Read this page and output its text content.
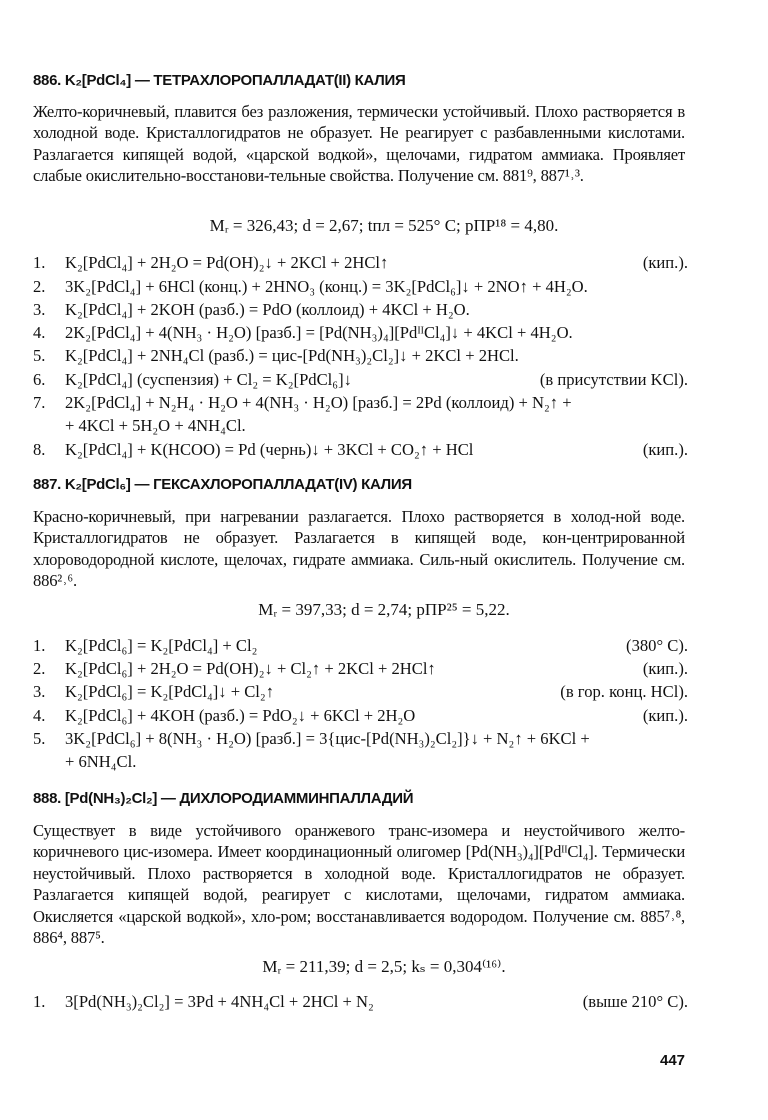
886. K₂[PdCl₄] — ТЕТРАХЛОРОПАЛЛАДАТ(II) КАЛИЯ
Желто-коричневый, плавится без разложения, термически устойчивый. Плохо растворяется в холодной воде. Кристаллогидратов не образует. Не реагирует с разбавленными кислотами. Разлагается кипящей водой, «царской водкой», щелочами, гидратом аммиака. Проявляет слабые окислительно-восстанови-тельные свойства. Получение см. 881⁹, 887¹˒³.
Mᵣ = 326,43; d = 2,67; tпл = 525° C; pПР¹⁸ = 4,80.
1. K₂[PdCl₄] + 2H₂O = Pd(OH)₂↓ + 2KCl + 2HCl↑	(кип.).
2. 3K₂[PdCl₄] + 6HCl (конц.) + 2HNO₃ (конц.) = 3K₂[PdCl₆]↓ + 2NO↑ + 4H₂O.
3. K₂[PdCl₄] + 2KOH (разб.) = PdO (коллоид) + 4KCl + H₂O.
4. 2K₂[PdCl₄] + 4(NH₃ · H₂O) [разб.] = [Pd(NH₃)₄][PdᴵᴵCl₄]↓ + 4KCl + 4H₂O.
5. K₂[PdCl₄] + 2NH₄Cl (разб.) = цис-[Pd(NH₃)₂Cl₂]↓ + 2KCl + 2HCl.
6. K₂[PdCl₄] (суспензия) + Cl₂ = K₂[PdCl₆]↓	(в присутствии KCl).
7. 2K₂[PdCl₄] + N₂H₄ · H₂O + 4(NH₃ · H₂O) [разб.] = 2Pd (коллоид) + N₂↑ +
+ 4KCl + 5H₂O + 4NH₄Cl.
8. K₂[PdCl₄] + K(HCOO) = Pd (чернь)↓ + 3KCl + CO₂↑ + HCl	(кип.).
887. K₂[PdCl₆] — ГЕКСАХЛОРОПАЛЛАДАТ(IV) КАЛИЯ
Красно-коричневый, при нагревании разлагается. Плохо растворяется в холод-ной воде. Кристаллогидратов не образует. Разлагается в кипящей воде, кон-центрированной хлороводородной кислоте, щелочах, гидрате аммиака. Силь-ный окислитель. Получение см. 886²˒⁶.
Mᵣ = 397,33; d = 2,74; pПР²⁵ = 5,22.
1. K₂[PdCl₆] = K₂[PdCl₄] + Cl₂	(380° C).
2. K₂[PdCl₆] + 2H₂O = Pd(OH)₂↓ + Cl₂↑ + 2KCl + 2HCl↑	(кип.).
3. K₂[PdCl₆] = K₂[PdCl₄]↓ + Cl₂↑	(в гор. конц. HCl).
4. K₂[PdCl₆] + 4KOH (разб.) = PdO₂↓ + 6KCl + 2H₂O	(кип.).
5. 3K₂[PdCl₆] + 8(NH₃ · H₂O) [разб.] = 3{цис-[Pd(NH₃)₂Cl₂]}↓ + N₂↑ + 6KCl +
+ 6NH₄Cl.
888. [Pd(NH₃)₂Cl₂] — ДИХЛОРОДИАММИНПАЛЛАДИЙ
Существует в виде устойчивого оранжевого транс-изомера и неустойчивого желто-коричневого цис-изомера. Имеет координационный олигомер [Pd(NH₃)₄][PdᴵᴵCl₄]. Термически неустойчивый. Плохо растворяется в холодной воде. Кристаллогидратов не образует. Разлагается кипящей водой, реагирует с кислотами, щелочами, гидратом аммиака. Окисляется «царской водкой», хло-ром; восстанавливается водородом. Получение см. 885⁷˒⁸, 886⁴, 887⁵.
Mᵣ = 211,39; d = 2,5; kₛ = 0,304⁽¹⁶⁾.
1. 3[Pd(NH₃)₂Cl₂] = 3Pd + 4NH₄Cl + 2HCl + N₂	(выше 210° C).
447
